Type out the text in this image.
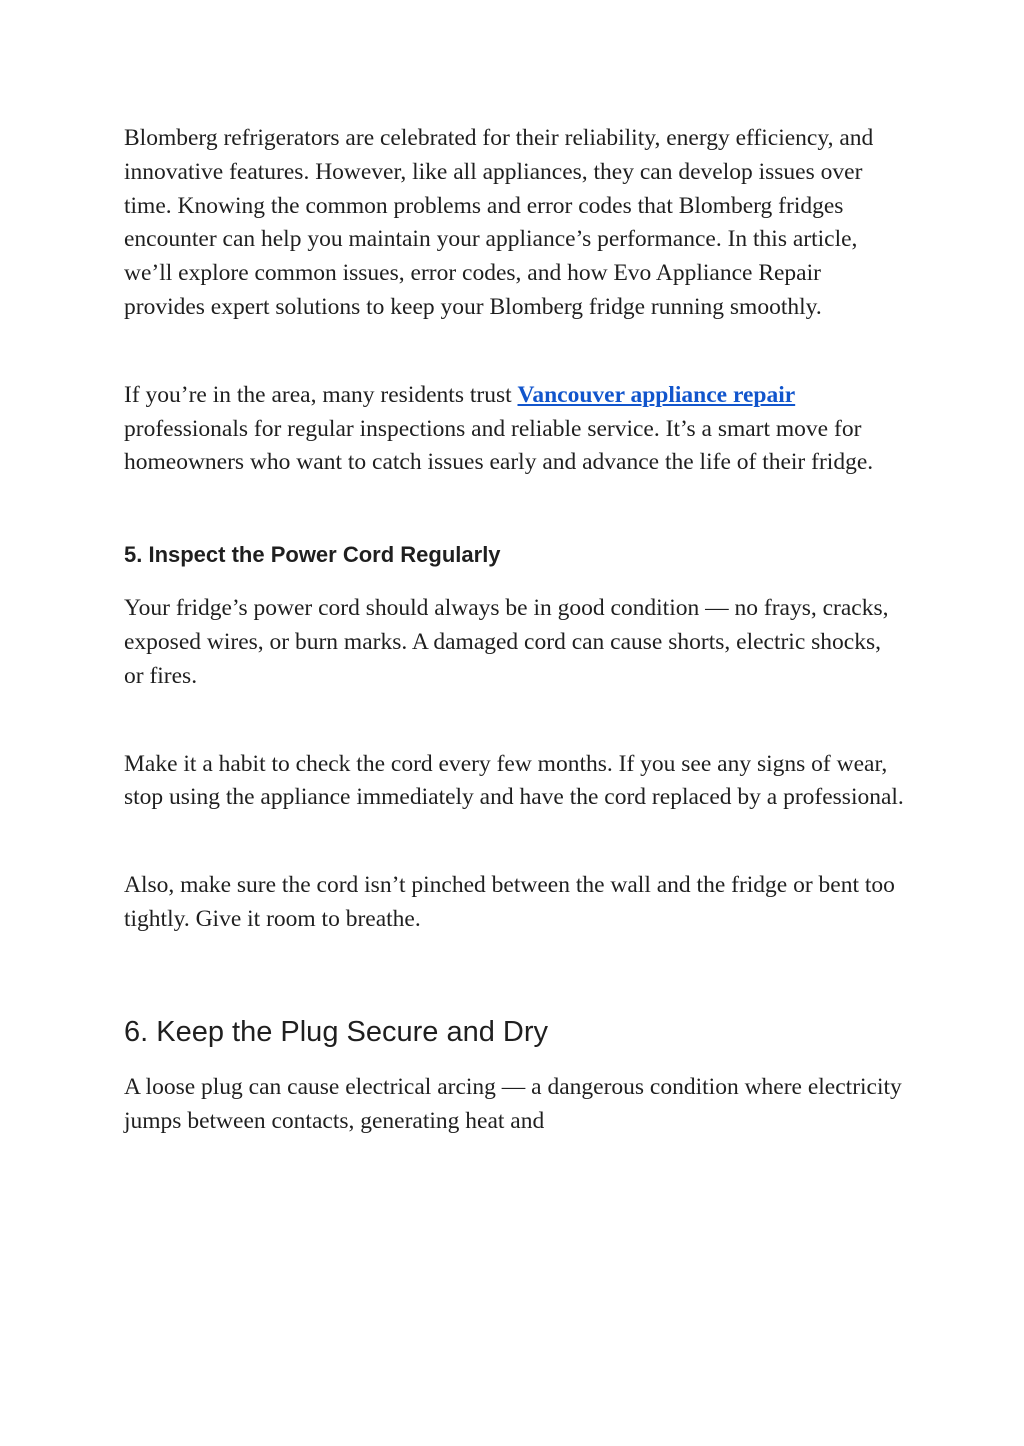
Blomberg refrigerators are celebrated for their reliability, energy efficiency, and innovative features. However, like all appliances, they can develop issues over time. Knowing the common problems and error codes that Blomberg fridges encounter can help you maintain your appliance’s performance. In this article, we’ll explore common issues, error codes, and how Evo Appliance Repair provides expert solutions to keep your Blomberg fridge running smoothly.

If you’re in the area, many residents trust Vancouver appliance repair professionals for regular inspections and reliable service. It’s a smart move for homeowners who want to catch issues early and advance the life of their fridge.

5. Inspect the Power Cord Regularly

Your fridge’s power cord should always be in good condition — no frays, cracks, exposed wires, or burn marks. A damaged cord can cause shorts, electric shocks, or fires.

Make it a habit to check the cord every few months. If you see any signs of wear, stop using the appliance immediately and have the cord replaced by a professional.

Also, make sure the cord isn’t pinched between the wall and the fridge or bent too tightly. Give it room to breathe.

6. Keep the Plug Secure and Dry

A loose plug can cause electrical arcing — a dangerous condition where electricity jumps between contacts, generating heat and
